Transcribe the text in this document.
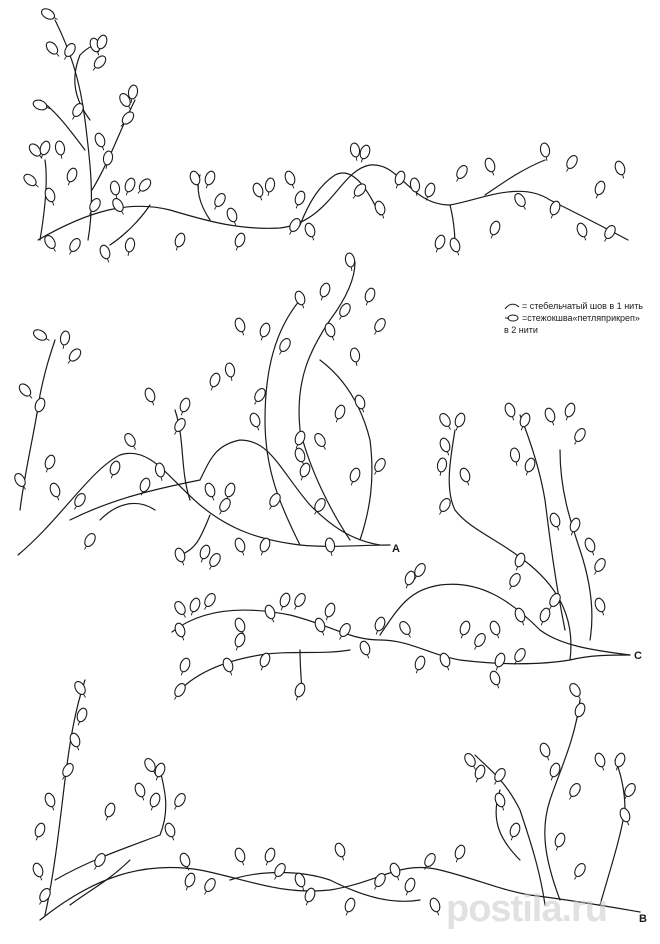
= стебельчатый шов в 1 нить
=стежокшва«петляприкреп»
в 2 нити
A
C
B
postila.ru
